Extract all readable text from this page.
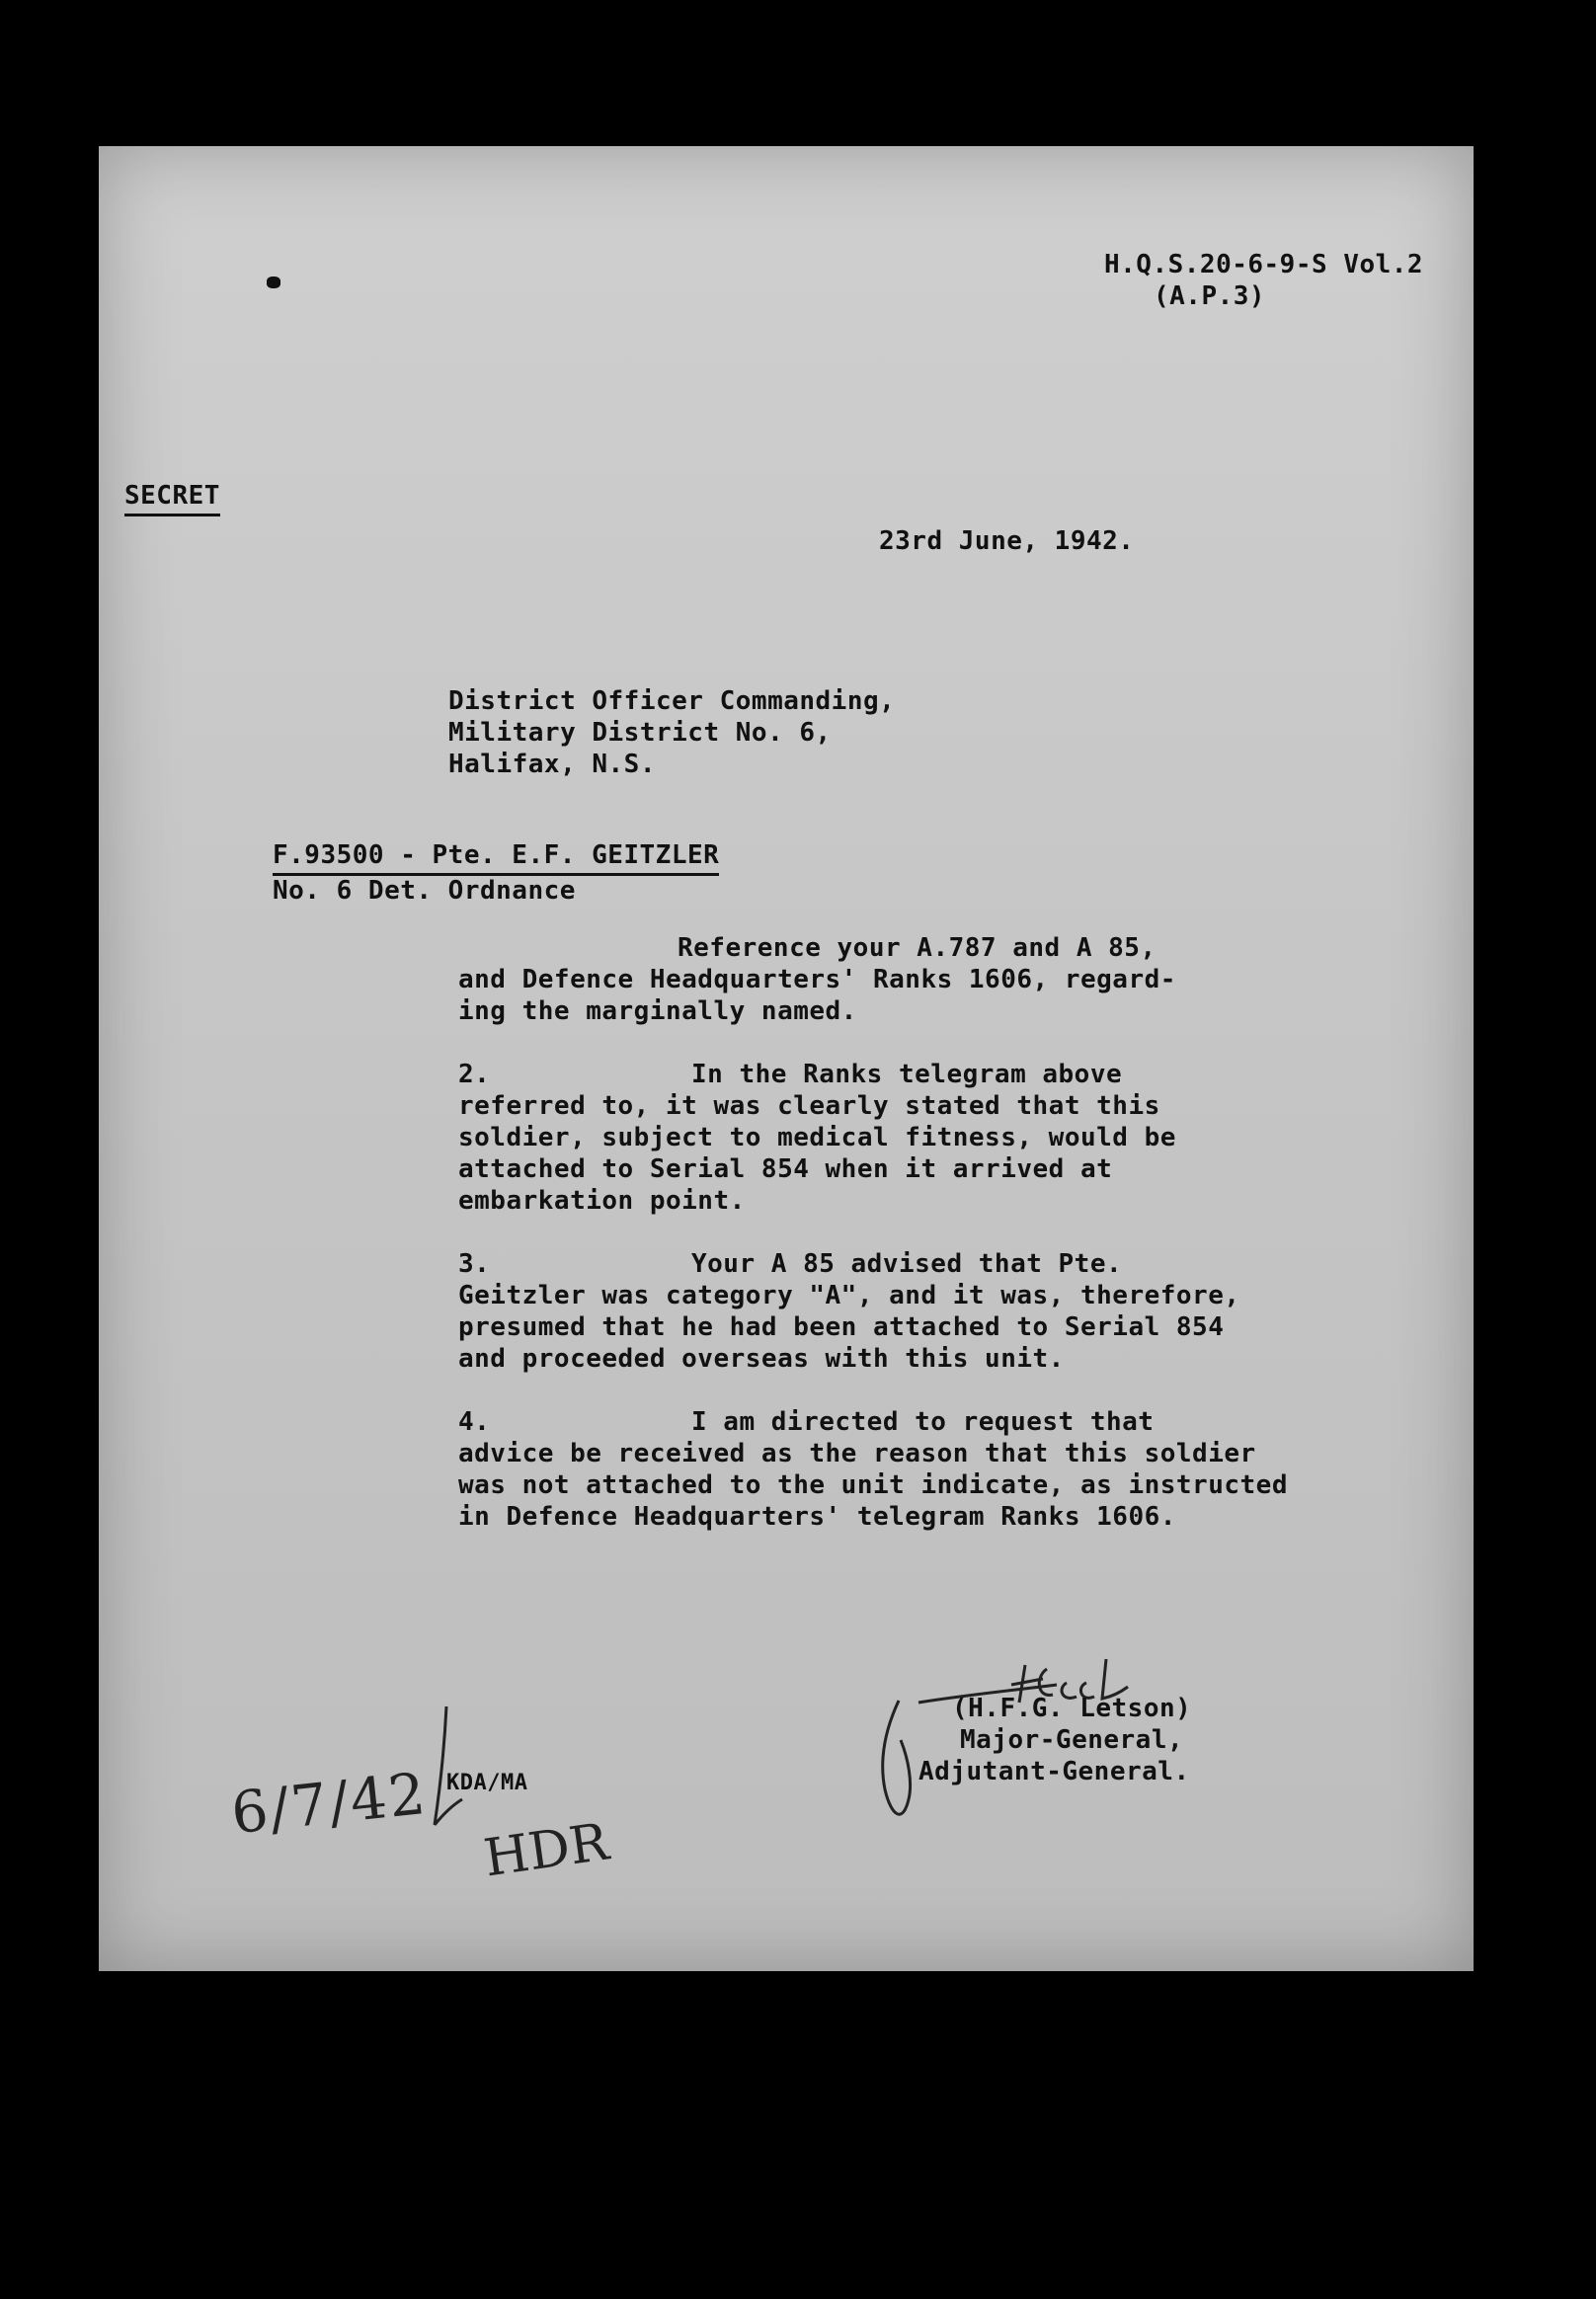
H.Q.S.20-6-9-S Vol.2
(A.P.3)
SECRET
23rd June, 1942.
District Officer Commanding,
Military District No. 6,
Halifax, N.S.
F.93500 - Pte. E.F. GEITZLER
No. 6 Det. Ordnance
Reference your A.787 and A 85,
and Defence Headquarters' Ranks 1606, regard-
ing the marginally named.
2.	In the Ranks telegram above
referred to, it was clearly stated that this
soldier, subject to medical fitness, would be
attached to Serial 854 when it arrived at
embarkation point.
3.	Your A 85 advised that Pte.
Geitzler was category "A", and it was, therefore,
presumed that he had been attached to Serial 854
and proceeded overseas with this unit.
4.	I am directed to request that
advice be received as the reason that this soldier
was not attached to the unit indicate, as instructed
in Defence Headquarters' telegram Ranks 1606.
(H.F.G. Letson)
Major-General,
Adjutant-General.
6/7/42 KDA/MA
HDR
